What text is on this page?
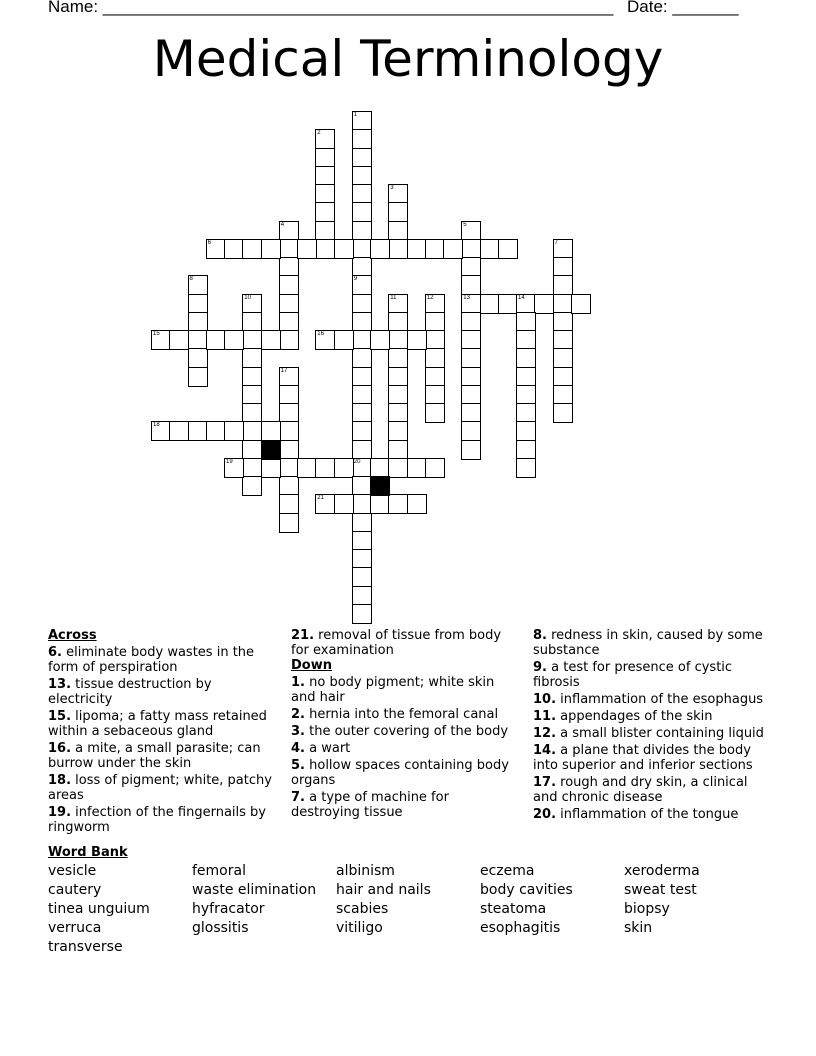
Name: ______________________________________________________ Date: _______
Medical Terminology
1
9
2
3
4	5
13
6	7
8
20
10	11	12	14
15	16
17
18
19
21
Across
6. eliminate body wastes in the form of perspiration
13. tissue destruction by electricity
15. lipoma; a fatty mass retained within a sebaceous gland
16. a mite, a small parasite; can burrow under the skin
18. loss of pigment; white, patchy areas
19. infection of the fingernails by ringworm
21. removal of tissue from body for examination
Down
1. no body pigment; white skin and hair
2. hernia into the femoral canal
3. the outer covering of the body
4. a wart
5. hollow spaces containing body organs
7. a type of machine for destroying tissue
8. redness in skin, caused by some substance
9. a test for presence of cystic fibrosis
10. inflammation of the esophagus
11. appendages of the skin
12. a small blister containing liquid
14. a plane that divides the body into superior and inferior sections
17. rough and dry skin, a clinical and chronic disease
20. inflammation of the tongue
Word Bank
vesicle
cautery
tinea unguium
verruca
transverse
femoral
waste elimination
hyfracator
glossitis
albinism
hair and nails
scabies
vitiligo
eczema
body cavities
steatoma
esophagitis
xeroderma
sweat test
biopsy
skin
